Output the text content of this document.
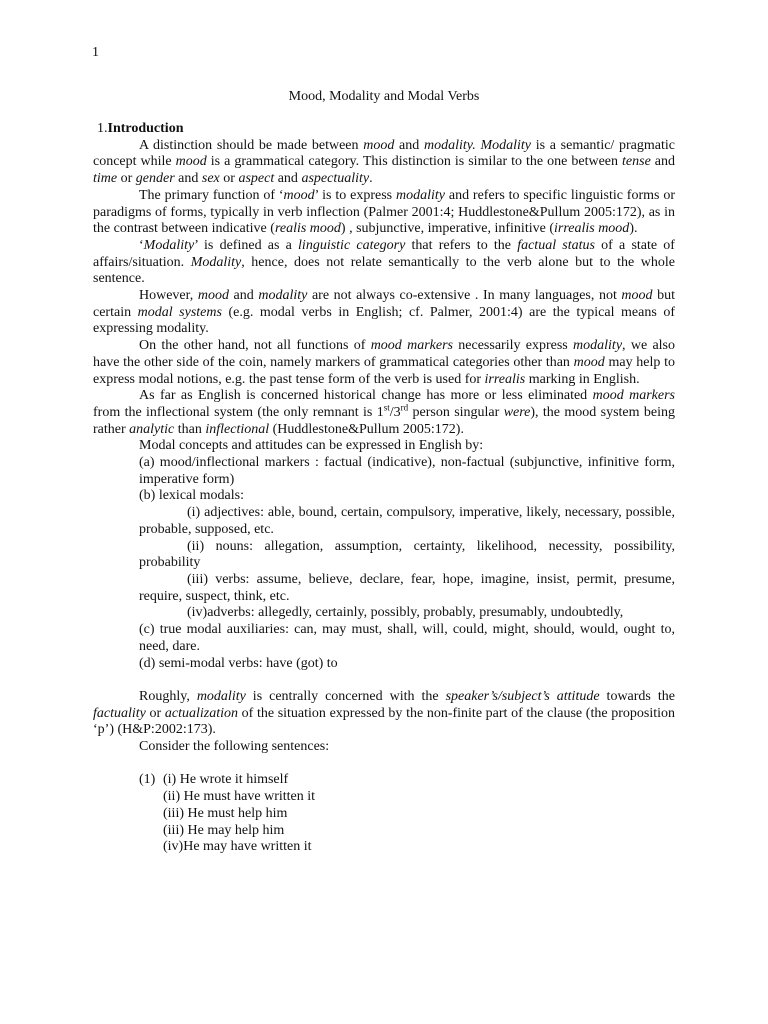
1
Mood, Modality and Modal Verbs

1.Introduction

A distinction should be made between mood and modality. Modality is a semantic/ pragmatic concept while mood is a grammatical category. This distinction is similar to the one between tense and time or gender and sex or aspect and aspectuality.

The primary function of ‘mood’ is to express modality and refers to specific linguistic forms or paradigms of forms, typically in verb inflection (Palmer 2001:4; Huddlestone&Pullum 2005:172), as in the contrast between indicative (realis mood) , subjunctive, imperative, infinitive (irrealis mood).

‘Modality’ is defined as a linguistic category that refers to the factual status of a state of affairs/situation. Modality, hence, does not relate semantically to the verb alone but to the whole sentence.

However, mood and modality are not always co-extensive . In many languages, not mood but certain modal systems (e.g. modal verbs in English; cf. Palmer, 2001:4) are the typical means of expressing modality.

On the other hand, not all functions of mood markers necessarily express modality, we also have the other side of the coin, namely markers of grammatical categories other than mood may help to express modal notions, e.g. the past tense form of the verb is used for irrealis marking in English.

As far as English is concerned historical change has more or less eliminated mood markers from the inflectional system (the only remnant is 1st/3rd person singular were), the mood system being rather analytic than inflectional (Huddlestone&Pullum 2005:172).

Modal concepts and attitudes can be expressed in English by:

(a) mood/inflectional markers : factual (indicative), non-factual (subjunctive, infinitive form, imperative form)

(b) lexical modals:

(i) adjectives: able, bound, certain, compulsory, imperative, likely, necessary, possible, probable, supposed, etc.

(ii) nouns: allegation, assumption, certainty, likelihood, necessity, possibility, probability

(iii) verbs: assume, believe, declare, fear, hope, imagine, insist, permit, presume, require, suspect, think, etc.

(iv)adverbs: allegedly, certainly, possibly, probably, presumably, undoubtedly,

(c) true modal auxiliaries: can, may must, shall, will, could, might, should, would, ought to, need, dare.

(d) semi-modal verbs: have (got) to

Roughly, modality is centrally concerned with the speaker’s/subject’s attitude towards the factuality or actualization of the situation expressed by the non-finite part of the clause (the proposition ‘p’) (H&P:2002:173).

Consider the following sentences:

(1) (i) He wrote it himself
(ii) He must have written it
(iii) He must help him
(iii) He may help him
(iv)He may have written it
